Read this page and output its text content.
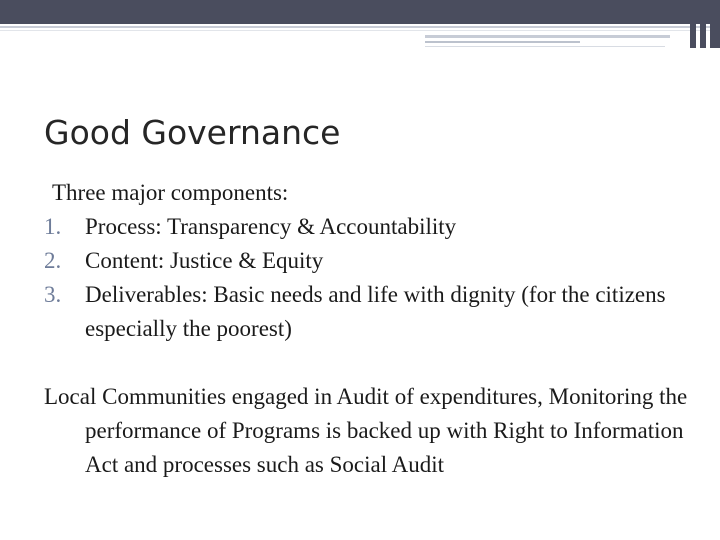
Good Governance
Three major components:
1.	Process: Transparency & Accountability
2.	Content: Justice & Equity
3.	Deliverables: Basic needs and life with dignity (for the citizens especially the poorest)
Local Communities engaged in Audit of expenditures, Monitoring the performance of Programs is backed up with Right to Information Act and processes such as Social Audit
